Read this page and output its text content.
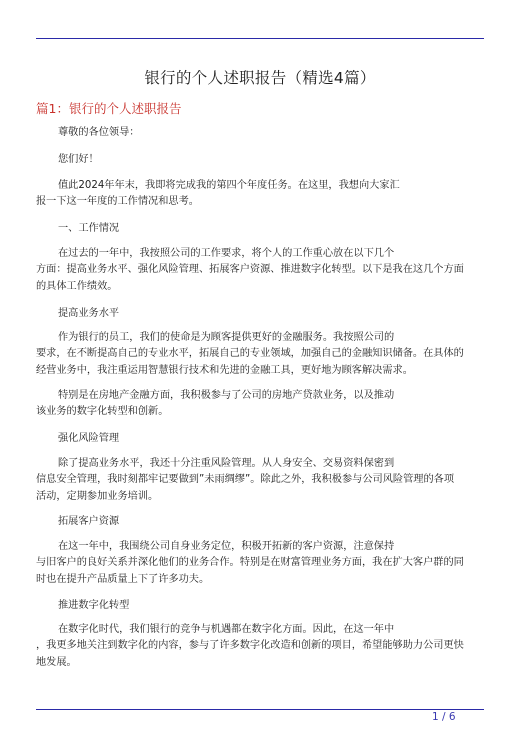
银行的个人述职报告（精选4篇）
篇1：银行的个人述职报告
尊敬的各位领导：
您们好！
值此2024年年末，我即将完成我的第四个年度任务。在这里，我想向大家汇
报一下这一年度的工作情况和思考。
一、工作情况
在过去的一年中，我按照公司的工作要求，将个人的工作重心放在以下几个
方面：提高业务水平、强化风险管理、拓展客户资源、推进数字化转型。以下是我在这几个方面
的具体工作绩效。
提高业务水平
作为银行的员工，我们的使命是为顾客提供更好的金融服务。我按照公司的
要求，在不断提高自己的专业水平，拓展自己的专业领域，加强自己的金融知识储备。在具体的
经营业务中，我注重运用智慧银行技术和先进的金融工具，更好地为顾客解决需求。
特别是在房地产金融方面，我积极参与了公司的房地产贷款业务，以及推动
该业务的数字化转型和创新。
强化风险管理
除了提高业务水平，我还十分注重风险管理。从人身安全、交易资料保密到
信息安全管理，我时刻都牢记要做到”未雨绸缪”。除此之外，我积极参与公司风险管理的各项
活动，定期参加业务培训。
拓展客户资源
在这一年中，我围绕公司自身业务定位，积极开拓新的客户资源，注意保持
与旧客户的良好关系并深化他们的业务合作。特别是在财富管理业务方面，我在扩大客户群的同
时也在提升产品质量上下了许多功夫。
推进数字化转型
在数字化时代，我们银行的竞争与机遇都在数字化方面。因此，在这一年中
，我更多地关注到数字化的内容，参与了许多数字化改造和创新的项目，希望能够助力公司更快
地发展。
1 / 6
